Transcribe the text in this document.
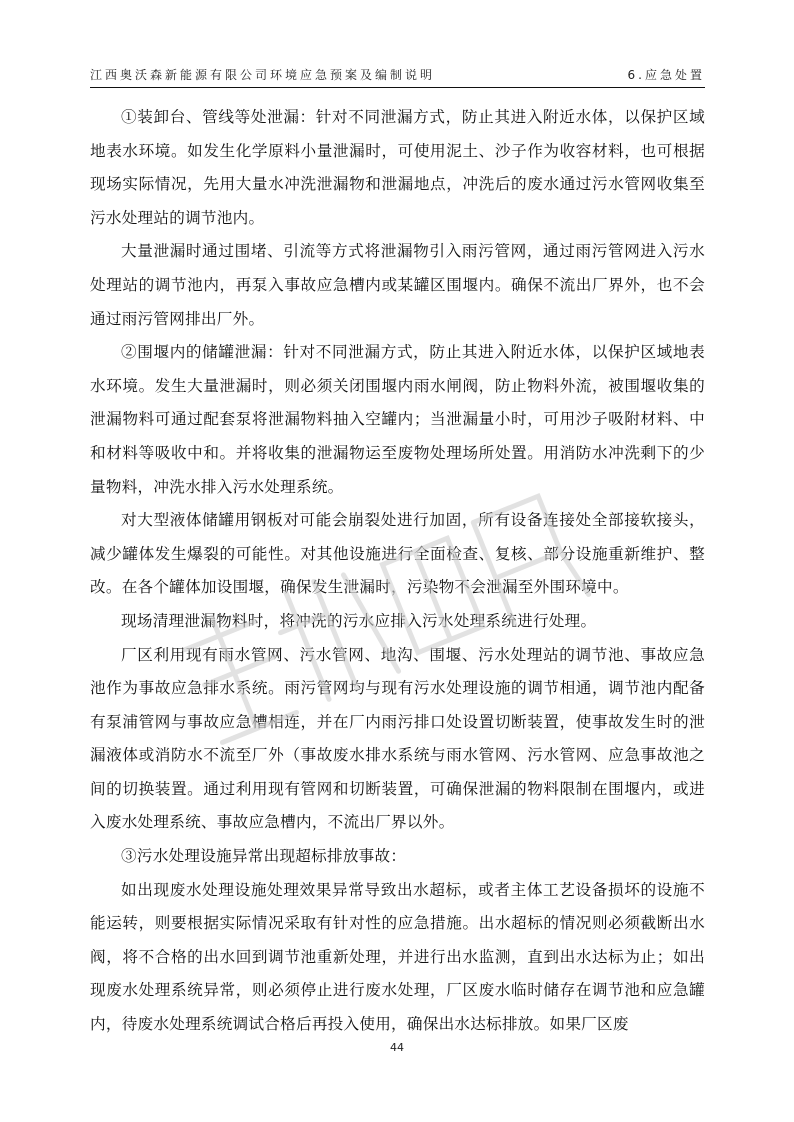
江西奥沃森新能源有限公司环境应急预案及编制说明	6.应急处置

①装卸台、管线等处泄漏：针对不同泄漏方式，防止其进入附近水体，以保护区域地表水环境。如发生化学原料小量泄漏时，可使用泥土、沙子作为收容材料，也可根据现场实际情况，先用大量水冲洗泄漏物和泄漏地点，冲洗后的废水通过污水管网收集至污水处理站的调节池内。

大量泄漏时通过围堵、引流等方式将泄漏物引入雨污管网，通过雨污管网进入污水处理站的调节池内，再泵入事故应急槽内或某罐区围堰内。确保不流出厂界外，也不会通过雨污管网排出厂外。

②围堰内的储罐泄漏：针对不同泄漏方式，防止其进入附近水体，以保护区域地表水环境。发生大量泄漏时，则必须关闭围堰内雨水闸阀，防止物料外流，被围堰收集的泄漏物料可通过配套泵将泄漏物料抽入空罐内；当泄漏量小时，可用沙子吸附材料、中和材料等吸收中和。并将收集的泄漏物运至废物处理场所处置。用消防水冲洗剩下的少量物料，冲洗水排入污水处理系统。

对大型液体储罐用钢板对可能会崩裂处进行加固，所有设备连接处全部接软接头，减少罐体发生爆裂的可能性。对其他设施进行全面检查、复核、部分设施重新维护、整改。在各个罐体加设围堰，确保发生泄漏时，污染物不会泄漏至外围环境中。

现场清理泄漏物料时，将冲洗的污水应排入污水处理系统进行处理。

厂区利用现有雨水管网、污水管网、地沟、围堰、污水处理站的调节池、事故应急池作为事故应急排水系统。雨污管网均与现有污水处理设施的调节相通，调节池内配备有泵浦管网与事故应急槽相连，并在厂内雨污排口处设置切断装置，使事故发生时的泄漏液体或消防水不流至厂外（事故废水排水系统与雨水管网、污水管网、应急事故池之间的切换装置。通过利用现有管网和切断装置，可确保泄漏的物料限制在围堰内，或进入废水处理系统、事故应急槽内，不流出厂界以外。

③污水处理设施异常出现超标排放事故：

如出现废水处理设施处理效果异常导致出水超标，或者主体工艺设备损坏的设施不能运转，则要根据实际情况采取有针对性的应急措施。出水超标的情况则必须截断出水阀，将不合格的出水回到调节池重新处理，并进行出水监测，直到出水达标为止；如出现废水处理系统异常，则必须停止进行废水处理，厂区废水临时储存在调节池和应急罐内，待废水处理系统调试合格后再投入使用，确保出水达标排放。如果厂区废

44
